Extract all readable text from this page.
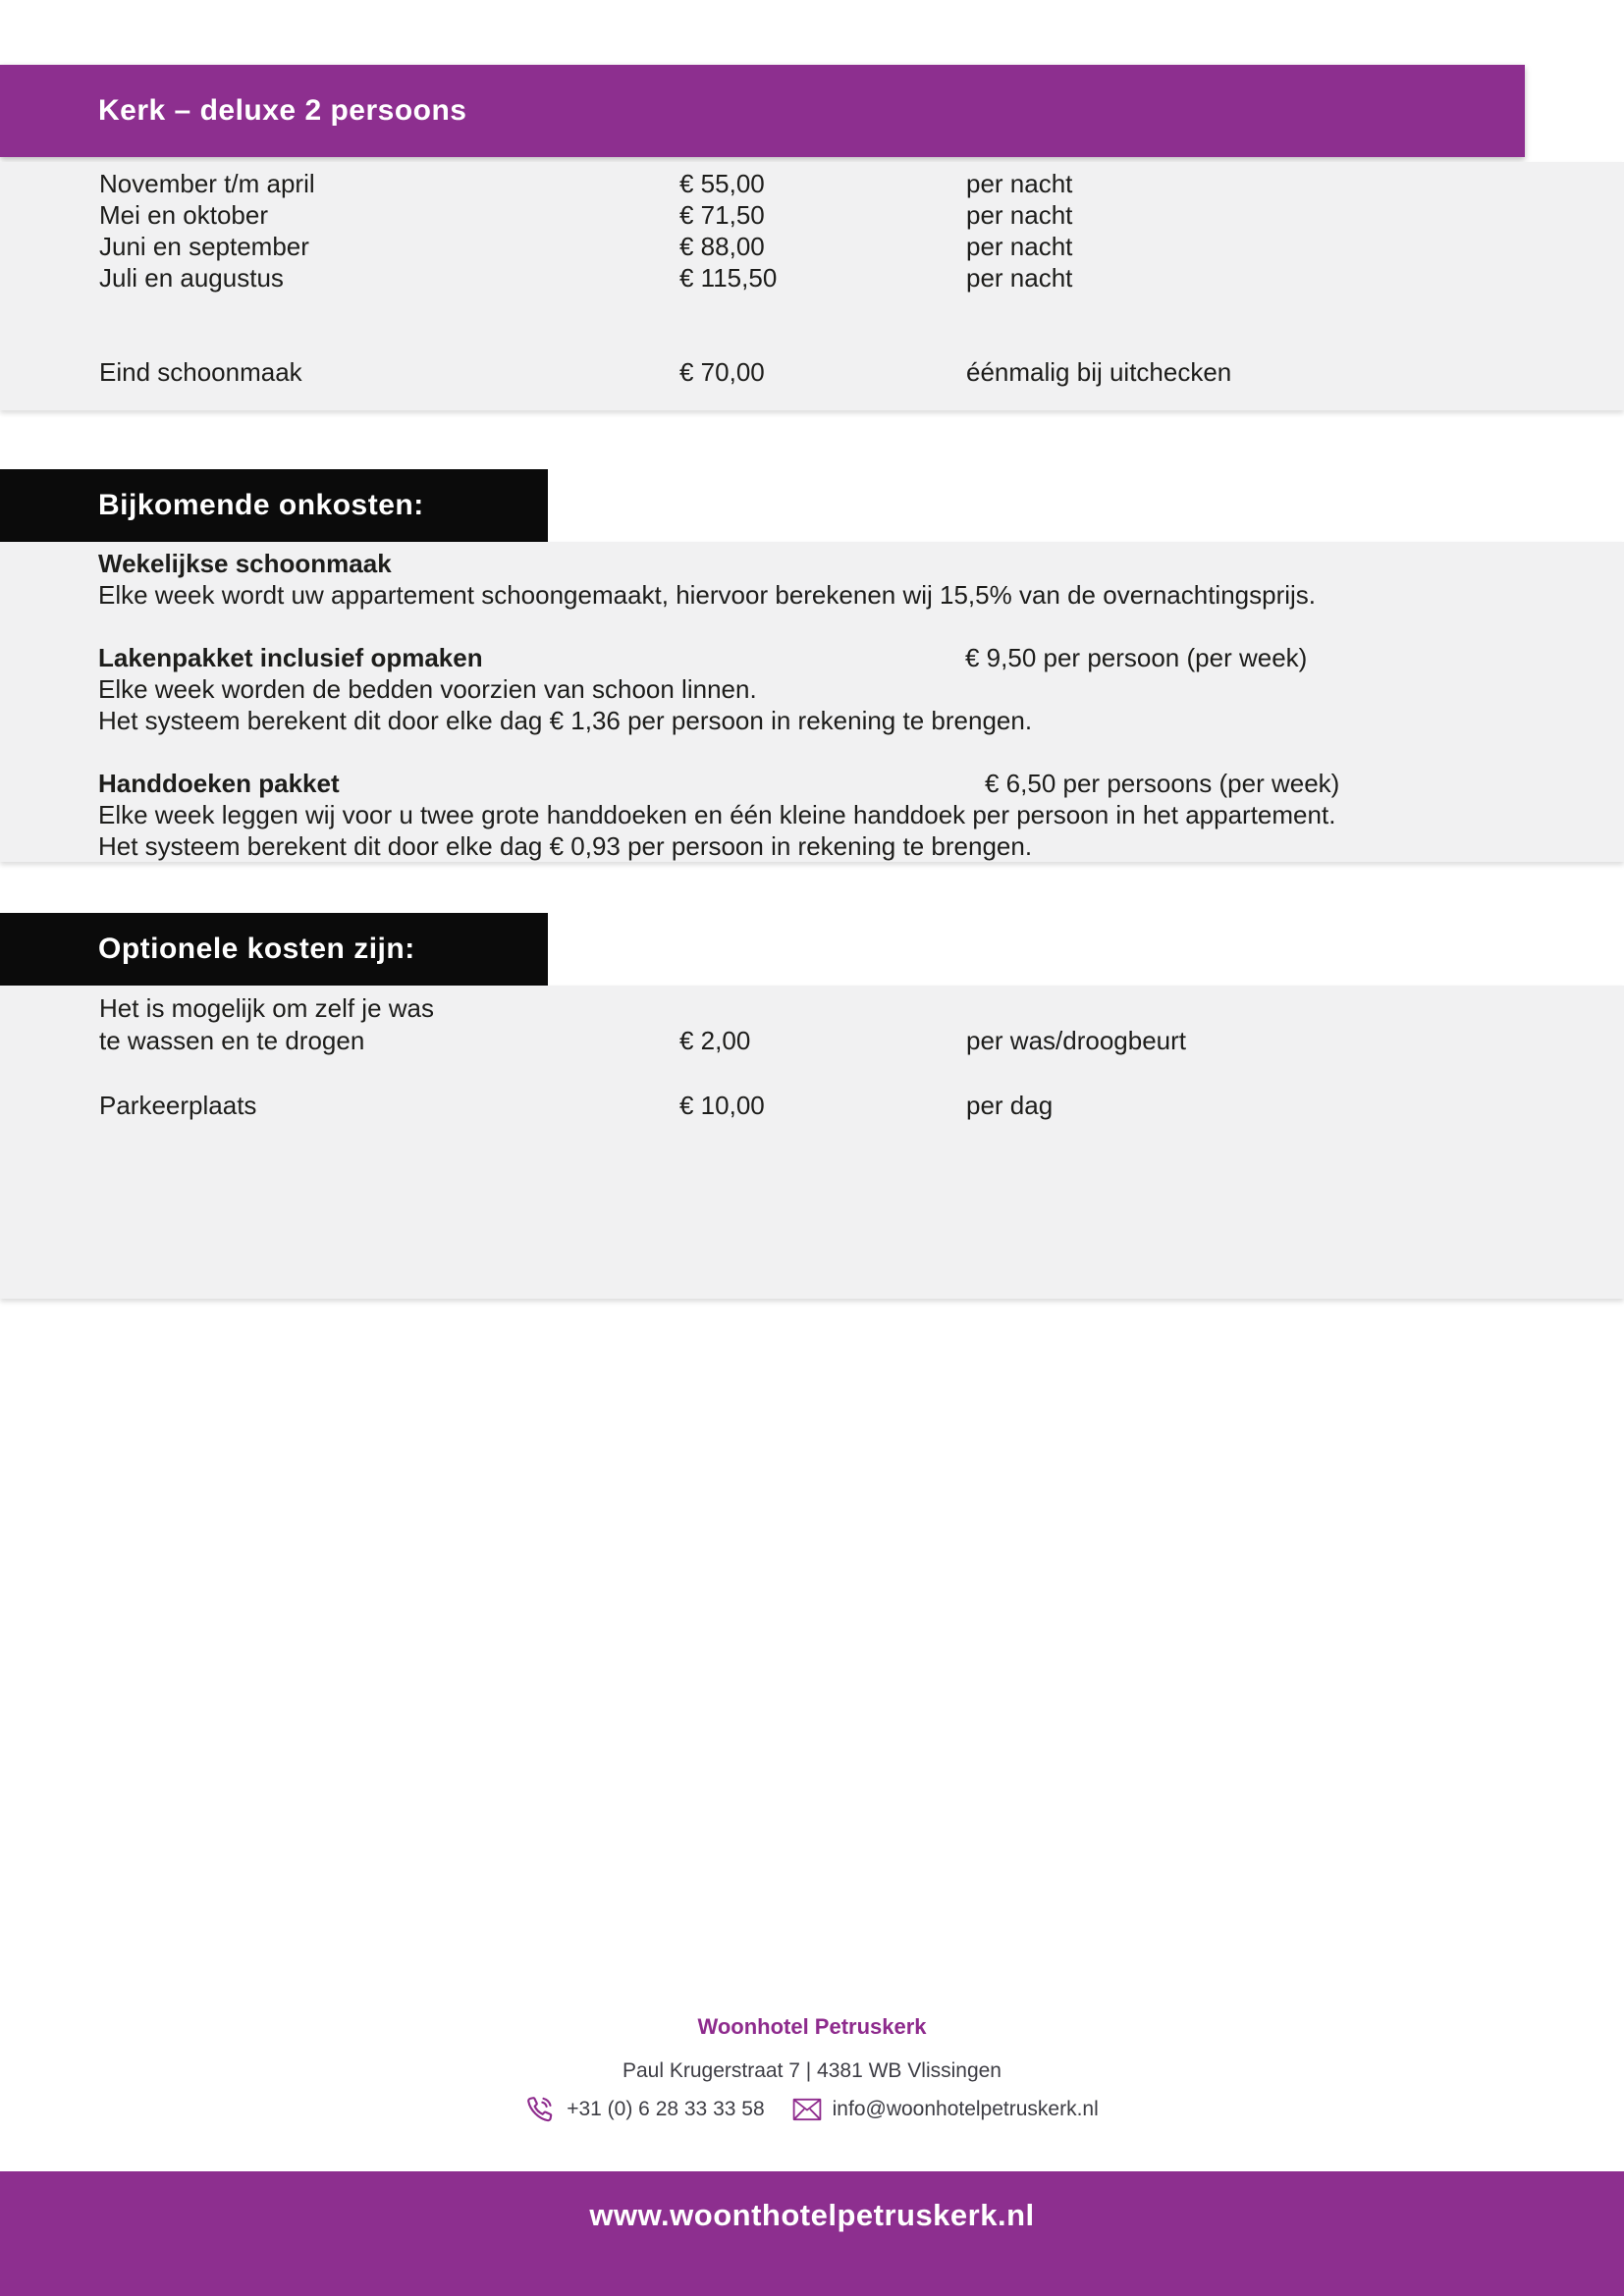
Kerk – deluxe 2 persoons
November t/m april	€ 55,00	per nacht
Mei en oktober	€ 71,50	per nacht
Juni en september	€ 88,00	per nacht
Juli en augustus	€ 115,50	per nacht
Eind schoonmaak	€ 70,00	éénmalig bij uitchecken
Bijkomende onkosten:
Wekelijkse schoonmaak
Elke week wordt uw appartement schoongemaakt, hiervoor berekenen wij 15,5% van de overnachtingsprijs.
Lakenpakket inclusief opmaken	€ 9,50 per persoon (per week)
Elke week worden de bedden voorzien van schoon linnen.
Het systeem berekent dit door elke dag € 1,36 per persoon in rekening te brengen.
Handdoeken pakket	€ 6,50 per persoons (per week)
Elke week leggen wij voor u twee grote handdoeken en één kleine handdoek per persoon in het appartement.
Het systeem berekent dit door elke dag € 0,93 per persoon in rekening te brengen.
Optionele kosten zijn:
Het is mogelijk om zelf je was
te wassen en te drogen	€ 2,00	per was/droogbeurt
Parkeerplaats	€ 10,00	per dag
Woonhotel Petruskerk
Paul Krugerstraat 7 | 4381 WB Vlissingen
+31 (0) 6 28 33 33 58	info@woonhotelpetruskerk.nl
www.woonthotelpetruskerk.nl
